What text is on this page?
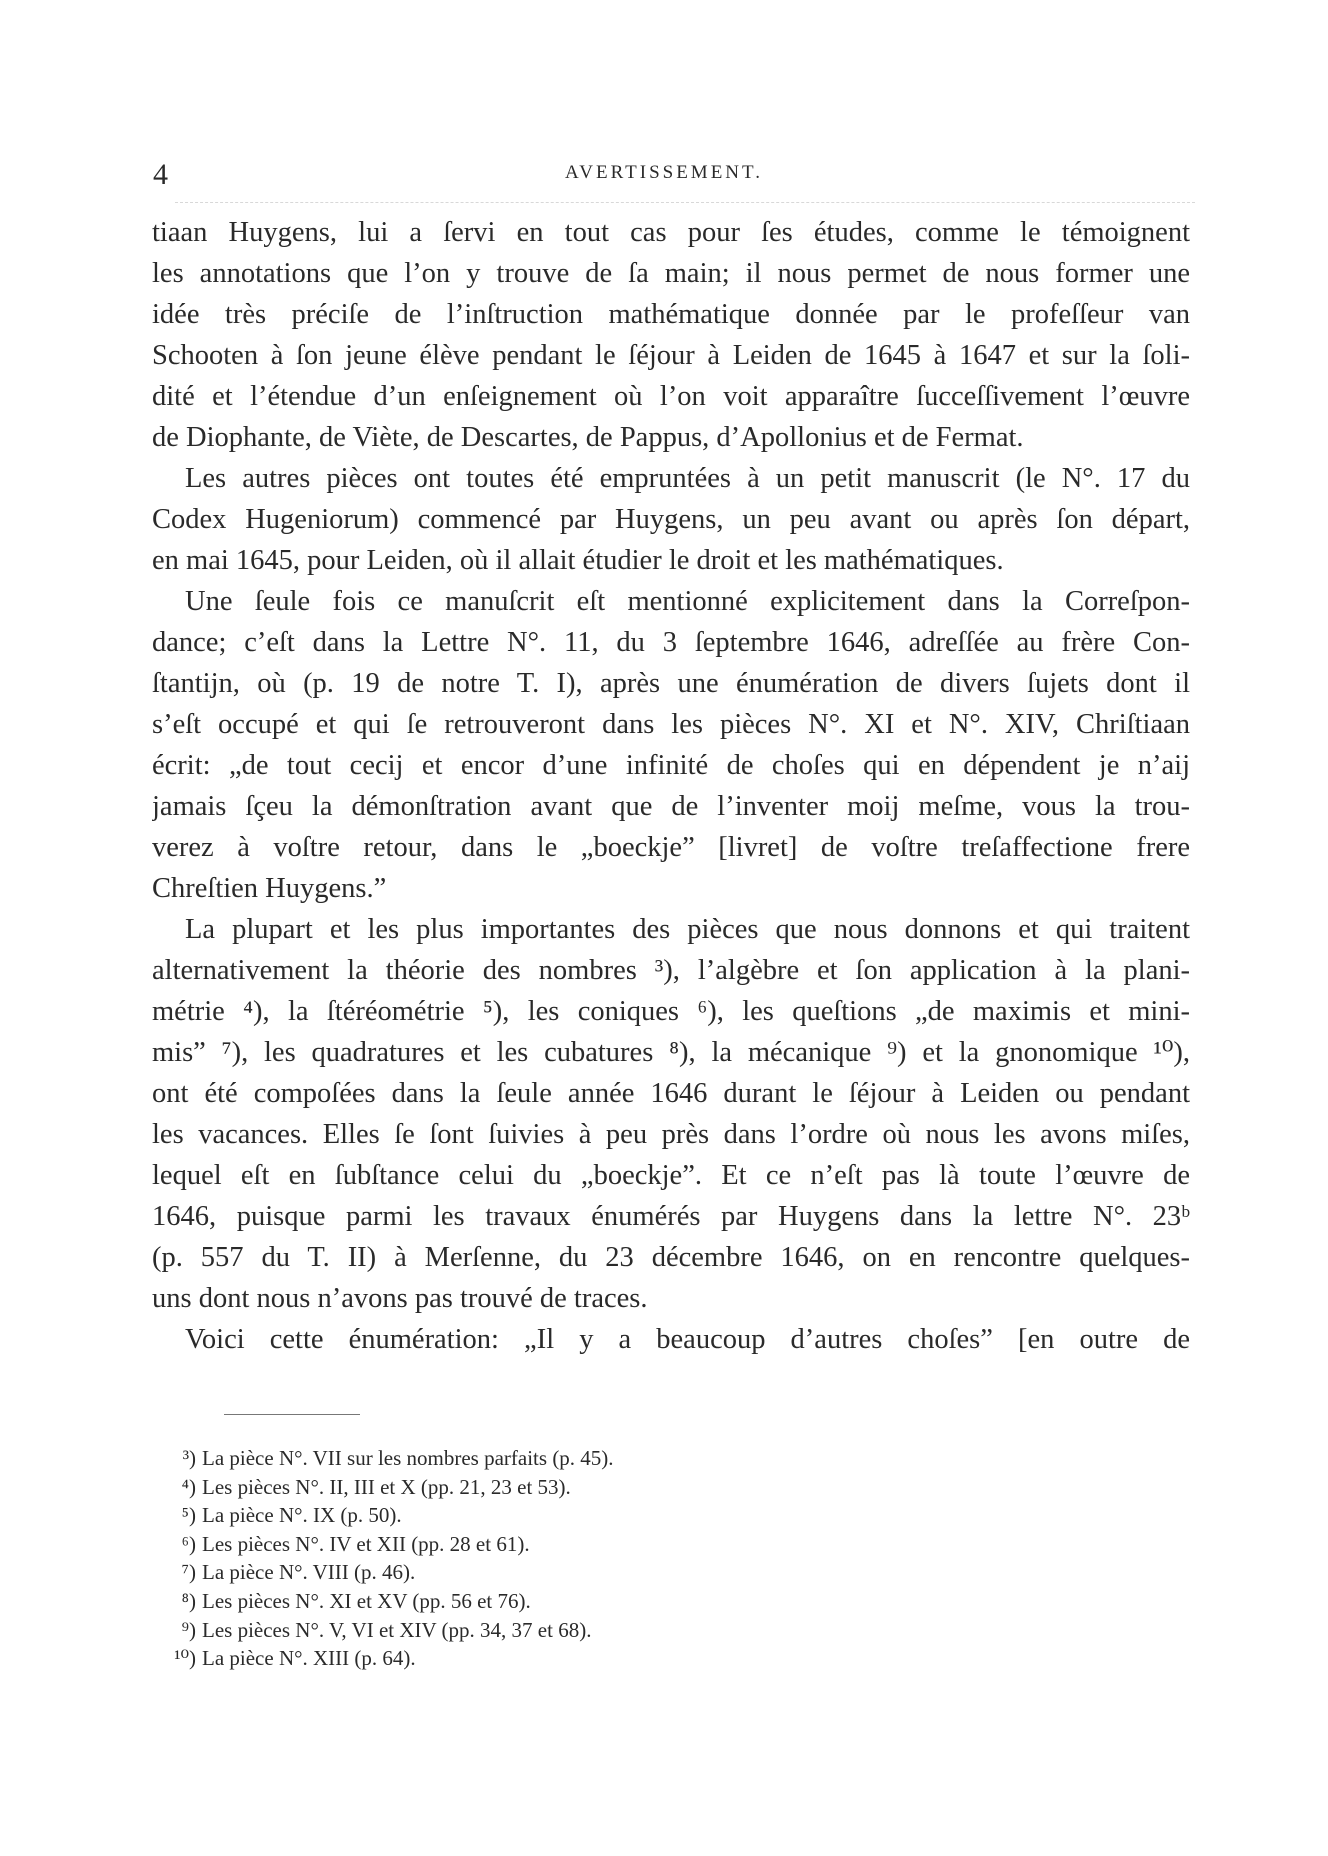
4	AVERTISSEMENT.
tiaan Huygens, lui a ſervi en tout cas pour ſes études, comme le témoignent
les annotations que l’on y trouve de ſa main; il nous permet de nous former une
idée très préciſe de l’inſtruction mathématique donnée par le profeſſeur van
Schooten à ſon jeune élève pendant le ſéjour à Leiden de 1645 à 1647 et sur la ſoli-
dité et l’étendue d’un enſeignement où l’on voit apparaître ſucceſſivement l’œuvre
de Diophante, de Viète, de Descartes, de Pappus, d’Apollonius et de Fermat.
Les autres pièces ont toutes été empruntées à un petit manuscrit (le N°. 17 du
Codex Hugeniorum) commencé par Huygens, un peu avant ou après ſon départ,
en mai 1645, pour Leiden, où il allait étudier le droit et les mathématiques.
Une ſeule fois ce manuſcrit eſt mentionné explicitement dans la Correſpon-
dance; c’eſt dans la Lettre N°. 11, du 3 ſeptembre 1646, adreſſée au frère Con-
ſtantijn, où (p. 19 de notre T. I), après une énumération de divers ſujets dont il
s’eſt occupé et qui ſe retrouveront dans les pièces N°. XI et N°. XIV, Chriſtiaan
écrit: „de tout cecij et encor d’une infinité de choſes qui en dépendent je n’aij
jamais ſçeu la démonſtration avant que de l’inventer moij meſme, vous la trou-
verez à voſtre retour, dans le „boeckje” [livret] de voſtre treſaffectione frere
Chreſtien Huygens.”
La plupart et les plus importantes des pièces que nous donnons et qui traitent
alternativement la théorie des nombres ³), l’algèbre et ſon application à la plani-
métrie ⁴), la ſtéréométrie ⁵), les coniques ⁶), les queſtions „de maximis et mini-
mis” ⁷), les quadratures et les cubatures ⁸), la mécanique ⁹) et la gnonomique ¹⁰),
ont été compoſées dans la ſeule année 1646 durant le ſéjour à Leiden ou pendant
les vacances. Elles ſe ſont ſuivies à peu près dans l’ordre où nous les avons miſes,
lequel eſt en ſubſtance celui du „boeckje”. Et ce n’eſt pas là toute l’œuvre de
1646, puisque parmi les travaux énumérés par Huygens dans la lettre N°. 23ᵇ
(p. 557 du T. II) à Merſenne, du 23 décembre 1646, on en rencontre quelques-
uns dont nous n’avons pas trouvé de traces.
Voici cette énumération: „Il y a beaucoup d’autres choſes” [en outre de
³) La pièce N°. VII sur les nombres parfaits (p. 45).
⁴) Les pièces N°. II, III et X (pp. 21, 23 et 53).
⁵) La pièce N°. IX (p. 50).
⁶) Les pièces N°. IV et XII (pp. 28 et 61).
⁷) La pièce N°. VIII (p. 46).
⁸) Les pièces N°. XI et XV (pp. 56 et 76).
⁹) Les pièces N°. V, VI et XIV (pp. 34, 37 et 68).
¹⁰) La pièce N°. XIII (p. 64).
